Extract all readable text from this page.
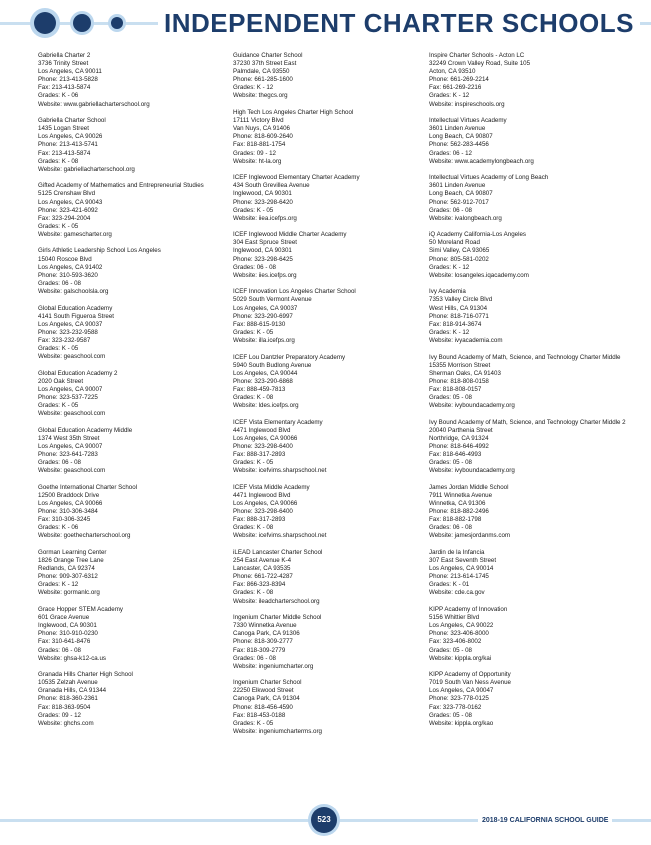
INDEPENDENT CHARTER SCHOOLS
Gabriella Charter 2
3736 Trinity Street
Los Angeles, CA 90011
Phone: 213-413-5828
Fax: 213-413-5874
Grades: K - 06
Website: www.gabriellacharterschool.org
Gabriella Charter School
1435 Logan Street
Los Angeles, CA 90026
Phone: 213-413-5741
Fax: 213-413-5874
Grades: K - 08
Website: gabriellacharterschool.org
Gifted Academy of Mathematics and Entrepreneurial Studies
5125 Crenshaw Blvd
Los Angeles, CA 90043
Phone: 323-421-6092
Fax: 323-294-2004
Grades: K - 05
Website: gamescharter.org
Girls Athletic Leadership School Los Angeles
15040 Roscoe Blvd
Los Angeles, CA 91402
Phone: 310-593-3620
Grades: 06 - 08
Website: galschoolsla.org
Global Education Academy
4141 South Figueroa Street
Los Angeles, CA 90037
Phone: 323-232-9588
Fax: 323-232-9587
Grades: K - 05
Website: geaschool.com
Global Education Academy 2
2020 Oak Street
Los Angeles, CA 90007
Phone: 323-537-7225
Grades: K - 05
Website: geaschool.com
Global Education Academy Middle
1374 West 35th Street
Los Angeles, CA 90007
Phone: 323-641-7283
Grades: 06 - 08
Website: geaschool.com
Goethe International Charter School
12500 Braddock Drive
Los Angeles, CA 90066
Phone: 310-306-3484
Fax: 310-306-3245
Grades: K - 06
Website: goethecharterschool.org
Gorman Learning Center
1826 Orange Tree Lane
Redlands, CA 92374
Phone: 909-307-6312
Grades: K - 12
Website: gormanlc.org
Grace Hopper STEM Academy
601 Grace Avenue
Inglewood, CA 90301
Phone: 310-910-0230
Fax: 310-641-8476
Grades: 06 - 08
Website: ghsa-k12-ca.us
Granada Hills Charter High School
10535 Zelzah Avenue
Granada Hills, CA 91344
Phone: 818-360-2361
Fax: 818-363-9504
Grades: 09 - 12
Website: ghchs.com
Guidance Charter School
37230 37th Street East
Palmdale, CA 93550
Phone: 661-285-1600
Grades: K - 12
Website: thegcs.org
High Tech Los Angeles Charter High School
17111 Victory Blvd
Van Nuys, CA 91406
Phone: 818-609-2640
Fax: 818-881-1754
Grades: 09 - 12
Website: ht-la.org
ICEF Inglewood Elementary Charter Academy
434 South Grevillea Avenue
Inglewood, CA 90301
Phone: 323-298-6420
Grades: K - 05
Website: iiea.icefps.org
ICEF Inglewood Middle Charter Academy
304 East Spruce Street
Inglewood, CA 90301
Phone: 323-298-6425
Grades: 06 - 08
Website: iies.icefps.org
ICEF Innovation Los Angeles Charter School
5029 South Vermont Avenue
Los Angeles, CA 90037
Phone: 323-290-6997
Fax: 888-615-9130
Grades: K - 05
Website: illa.icefps.org
ICEF Lou Dantzler Preparatory Academy
5940 South Budlong Avenue
Los Angeles, CA 90044
Phone: 323-290-6868
Fax: 888-459-7813
Grades: K - 08
Website: ldes.icefps.org
ICEF Vista Elementary Academy
4471 Inglewood Blvd
Los Angeles, CA 90066
Phone: 323-298-6400
Fax: 888-317-2893
Grades: K - 05
Website: icefvims.sharpschool.net
ICEF Vista Middle Academy
4471 Inglewood Blvd
Los Angeles, CA 90066
Phone: 323-298-6400
Fax: 888-317-2893
Grades: K - 08
Website: icefvims.sharpschool.net
iLEAD Lancaster Charter School
254 East Avenue K-4
Lancaster, CA 93535
Phone: 661-722-4287
Fax: 866-323-8394
Grades: K - 08
Website: ileadcharterschool.org
Ingenium Charter Middle School
7330 Winnetka Avenue
Canoga Park, CA 91306
Phone: 818-309-2777
Fax: 818-309-2779
Grades: 06 - 08
Website: ingeniumcharter.org
Ingenium Charter School
22250 Elkwood Street
Canoga Park, CA 91304
Phone: 818-456-4590
Fax: 818-453-0188
Grades: K - 05
Website: ingeniumcharterms.org
Inspire Charter Schools - Acton LC
32249 Crown Valley Road, Suite 105
Acton, CA 93510
Phone: 661-269-2214
Fax: 661-269-2216
Grades: K - 12
Website: inspireschools.org
Intellectual Virtues Academy
3601 Linden Avenue
Long Beach, CA 90807
Phone: 562-283-4456
Grades: 06 - 12
Website: www.academylongbeach.org
Intellectual Virtues Academy of Long Beach
3601 Linden Avenue
Long Beach, CA 90807
Phone: 562-912-7017
Grades: 06 - 08
Website: ivalongbeach.org
iQ Academy California-Los Angeles
50 Moreland Road
Simi Valley, CA 93065
Phone: 805-581-0202
Grades: K - 12
Website: losangeles.iqacademy.com
Ivy Academia
7353 Valley Circle Blvd
West Hills, CA 91304
Phone: 818-716-0771
Fax: 818-914-3674
Grades: K - 12
Website: ivyacademia.com
Ivy Bound Academy of Math, Science, and Technology Charter Middle
15355 Morrison Street
Sherman Oaks, CA 91403
Phone: 818-808-0158
Fax: 818-808-0157
Grades: 05 - 08
Website: ivyboundacademy.org
Ivy Bound Academy of Math, Science, and Technology Charter Middle 2
20040 Parthenia Street
Northridge, CA 91324
Phone: 818-646-4992
Fax: 818-646-4993
Grades: 05 - 08
Website: ivyboundacademy.org
James Jordan Middle School
7911 Winnetka Avenue
Winnetka, CA 91306
Phone: 818-882-2496
Fax: 818-882-1798
Grades: 06 - 08
Website: jamesjordanms.com
Jardin de la Infancia
307 East Seventh Street
Los Angeles, CA 90014
Phone: 213-614-1745
Grades: K - 01
Website: cde.ca.gov
KIPP Academy of Innovation
5156 Whittier Blvd
Los Angeles, CA 90022
Phone: 323-406-8000
Fax: 323-406-8002
Grades: 05 - 08
Website: kippla.org/kai
KIPP Academy of Opportunity
7019 South Van Ness Avenue
Los Angeles, CA 90047
Phone: 323-778-0125
Fax: 323-778-0162
Grades: 05 - 08
Website: kippla.org/kao
523	2018-19 CALIFORNIA SCHOOL GUIDE
